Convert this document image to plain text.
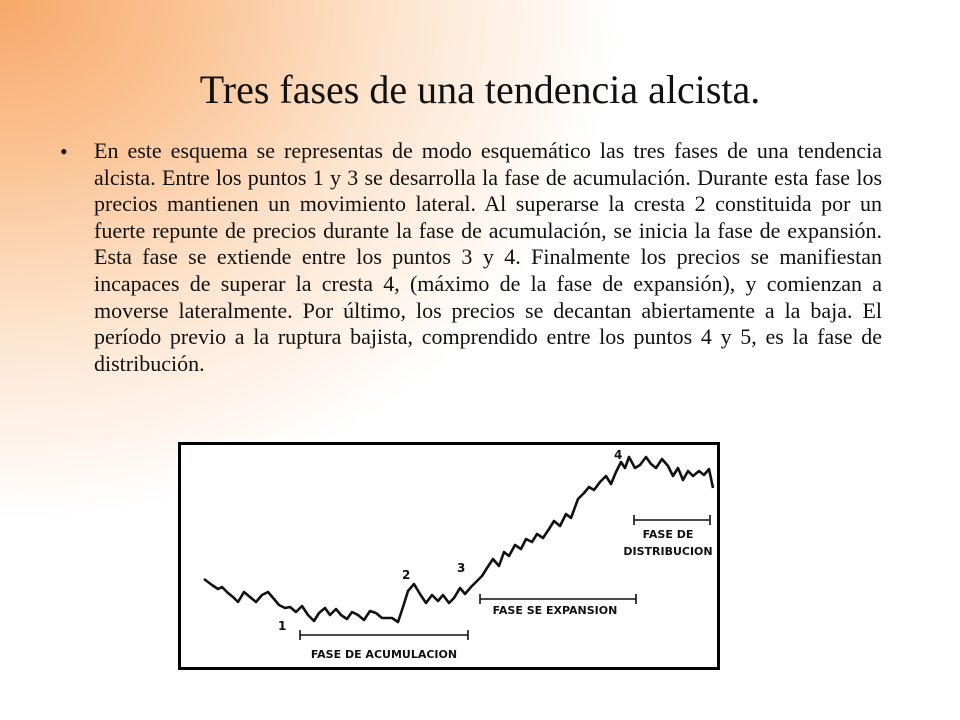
Tres fases de una tendencia alcista.
• En este esquema se representas de modo esquemático las tres fases de una tendencia alcista. Entre los puntos 1 y 3 se desarrolla la fase de acumulación. Durante esta fase los precios mantienen un movimiento lateral. Al superarse la cresta 2 constituida por un fuerte repunte de precios durante la fase de acumulación, se inicia la fase de expansión. Esta fase se extiende entre los puntos 3 y 4. Finalmente los precios se manifiestan incapaces de superar la cresta 4, (máximo de la fase de expansión), y comienzan a moverse lateralmente. Por último, los precios se decantan abiertamente a la baja. El período previo a la ruptura bajista, comprendido entre los puntos 4 y 5, es la fase de distribución.
1
2	3
4
FASE DE ACUMULACION
FASE SE EXPANSION
FASE DE
DISTRIBUCION
